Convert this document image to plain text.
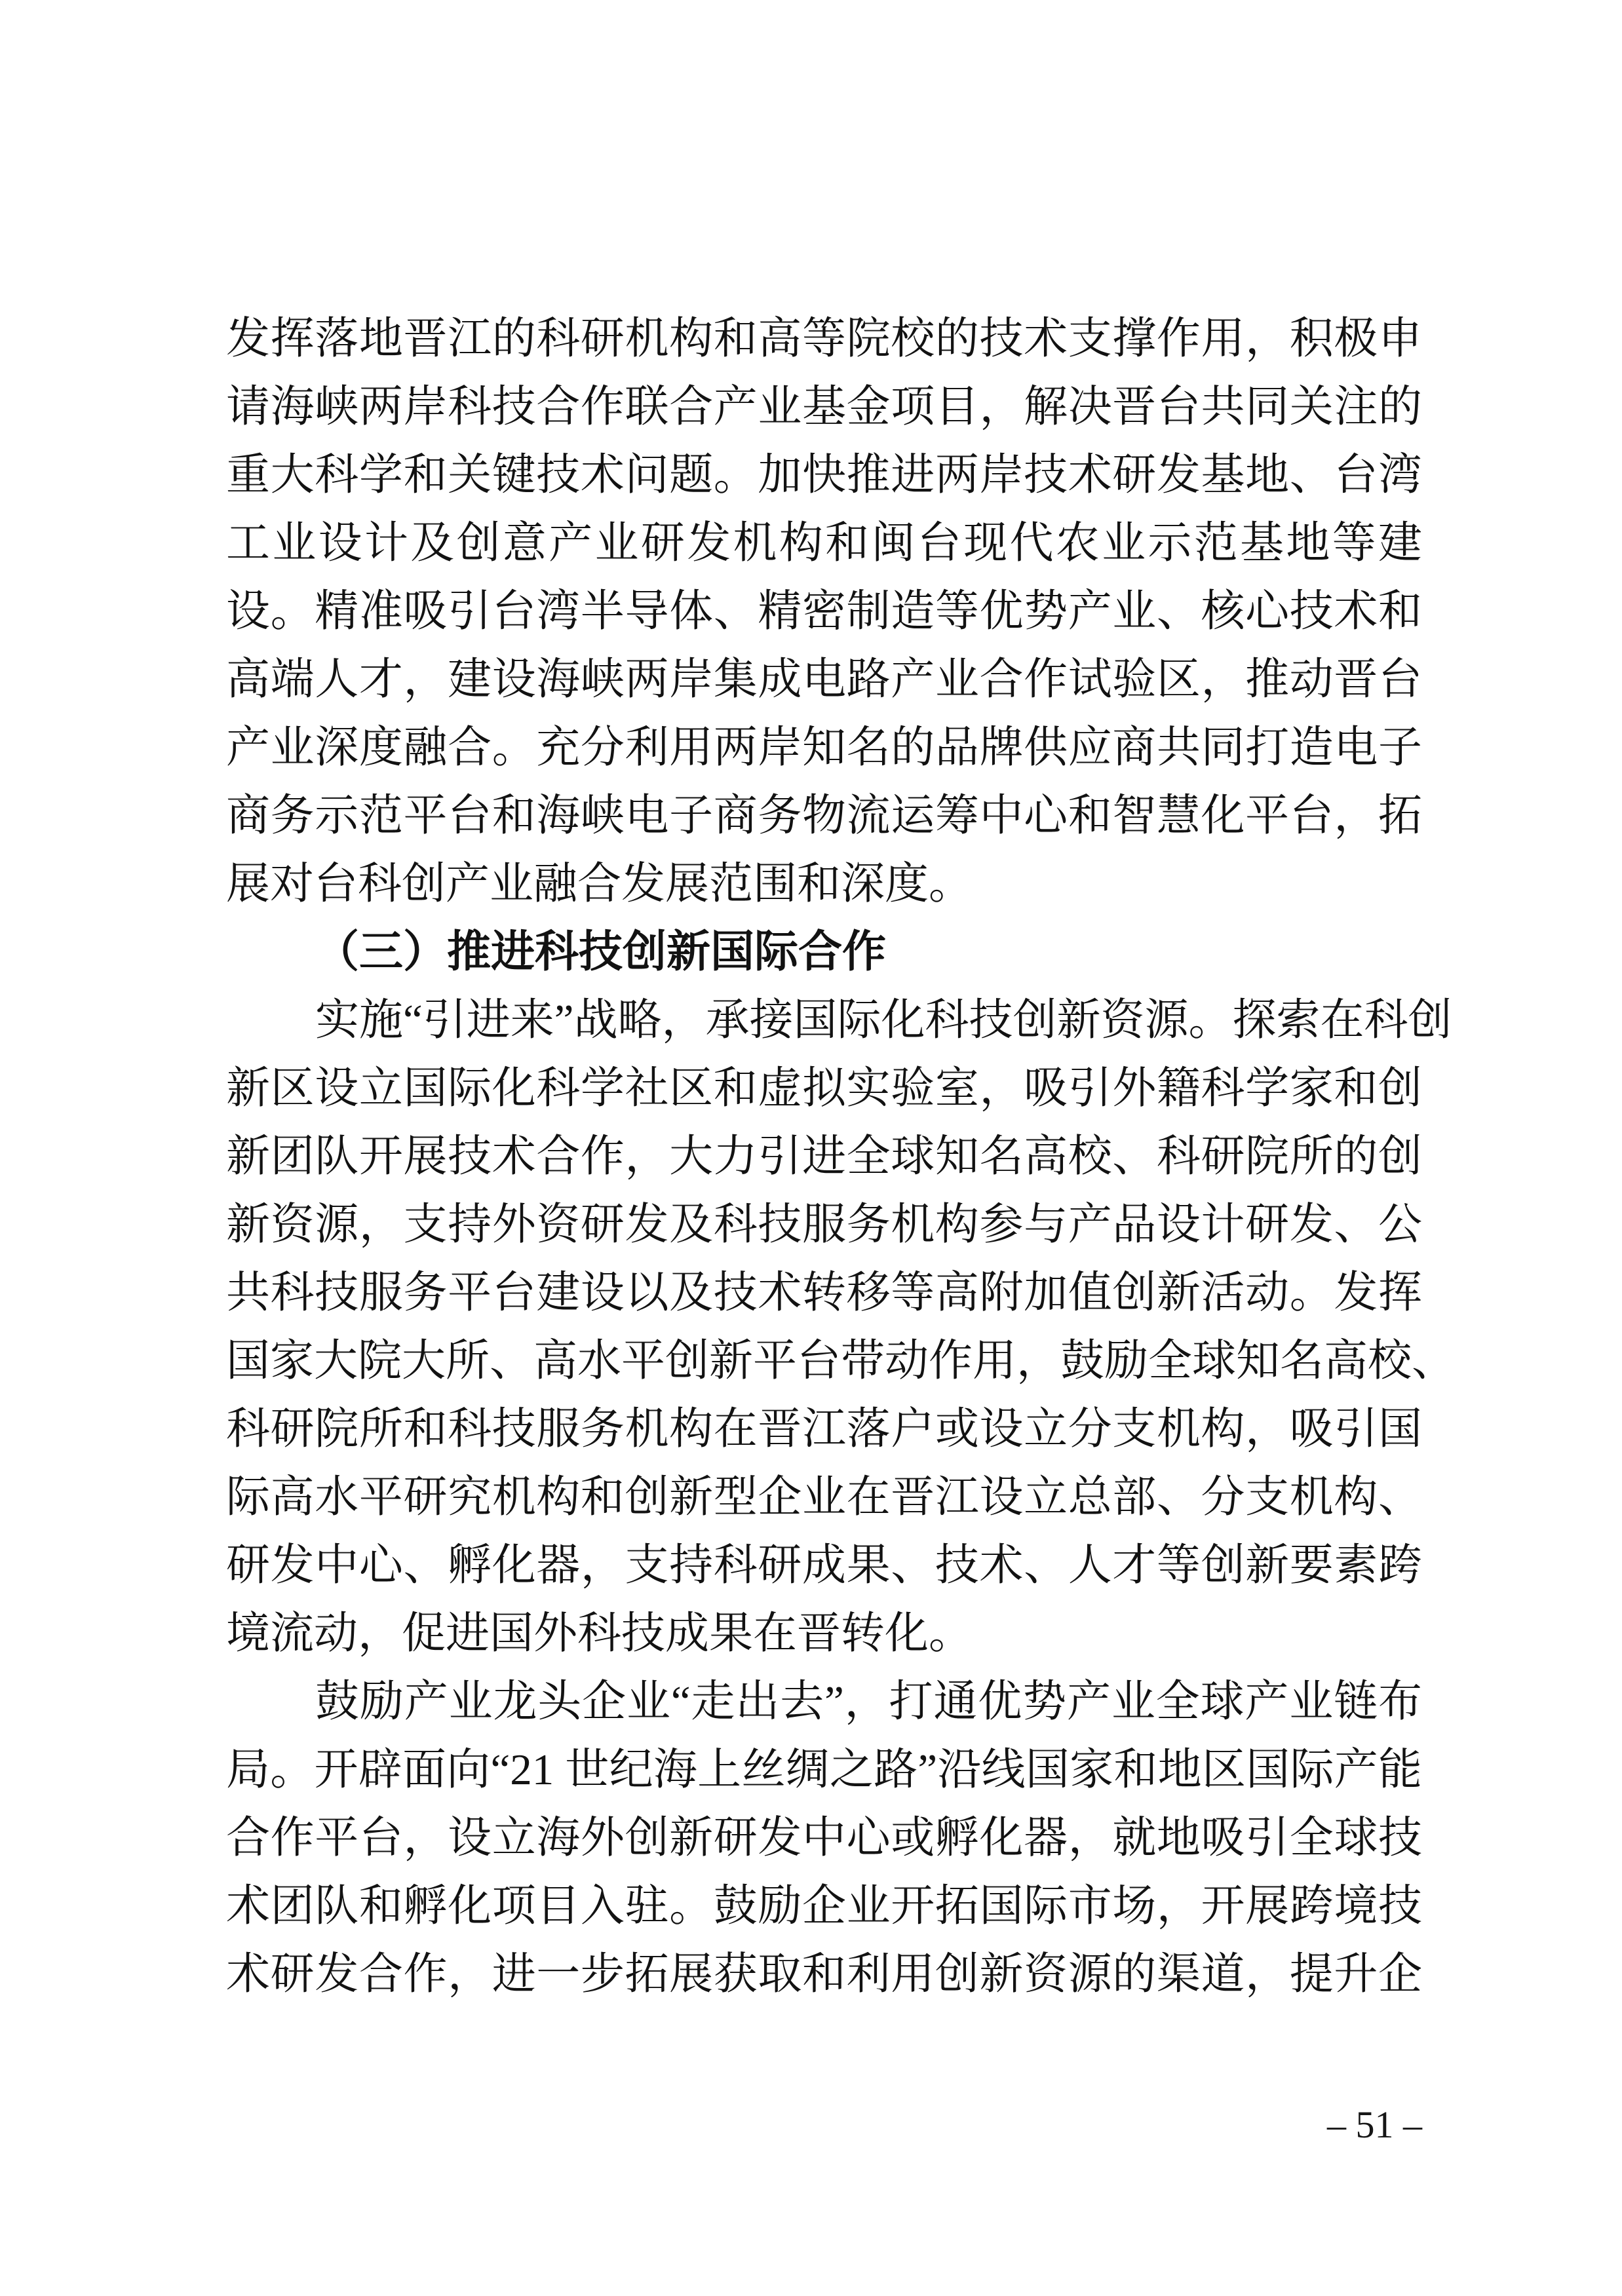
发挥落地晋江的科研机构和高等院校的技术支撑作用，积极申
请海峡两岸科技合作联合产业基金项目，解决晋台共同关注的
重大科学和关键技术问题。加快推进两岸技术研发基地、台湾
工业设计及创意产业研发机构和闽台现代农业示范基地等建
设。精准吸引台湾半导体、精密制造等优势产业、核心技术和
高端人才，建设海峡两岸集成电路产业合作试验区，推动晋台
产业深度融合。充分利用两岸知名的品牌供应商共同打造电子
商务示范平台和海峡电子商务物流运筹中心和智慧化平台，拓
展对台科创产业融合发展范围和深度。
（三）推进科技创新国际合作
实施“引进来”战略，承接国际化科技创新资源。探索在科创
新区设立国际化科学社区和虚拟实验室，吸引外籍科学家和创
新团队开展技术合作，大力引进全球知名高校、科研院所的创
新资源，支持外资研发及科技服务机构参与产品设计研发、公
共科技服务平台建设以及技术转移等高附加值创新活动。发挥
国家大院大所、高水平创新平台带动作用，鼓励全球知名高校、
科研院所和科技服务机构在晋江落户或设立分支机构，吸引国
际高水平研究机构和创新型企业在晋江设立总部、分支机构、
研发中心、孵化器，支持科研成果、技术、人才等创新要素跨
境流动，促进国外科技成果在晋转化。
鼓励产业龙头企业“走出去”，打通优势产业全球产业链布
局。开辟面向“21 世纪海上丝绸之路”沿线国家和地区国际产能
合作平台，设立海外创新研发中心或孵化器，就地吸引全球技
术团队和孵化项目入驻。鼓励企业开拓国际市场，开展跨境技
术研发合作，进一步拓展获取和利用创新资源的渠道，提升企
– 51 –
